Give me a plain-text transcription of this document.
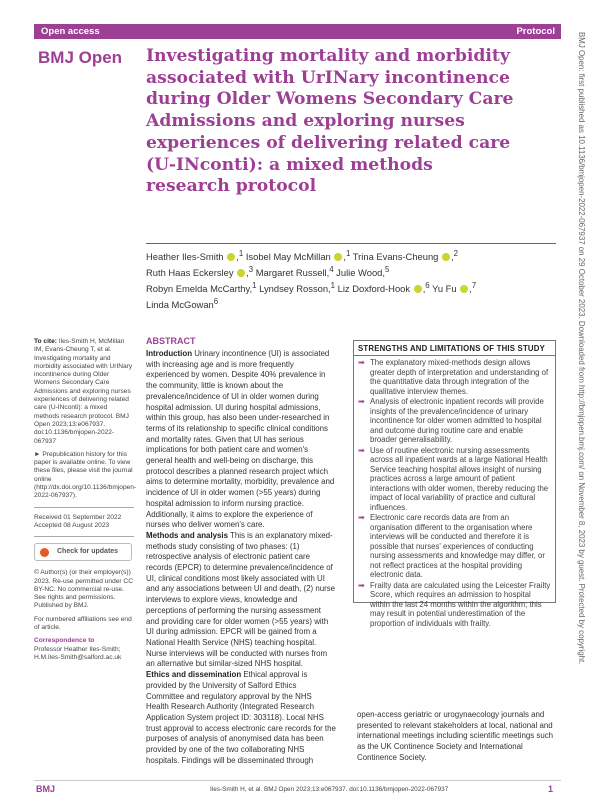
Open access	Protocol
BMJ Open Investigating mortality and morbidity
associated with UrINary incontinence
during Older Womens Secondary Care
Admissions and exploring nurses
experiences of delivering related care
(U-INconti): a mixed methods
research protocol
Heather Iles-Smith ,$^1$ Isobel May McMillan ,$^1$ Trina Evans-Cheung ,$^2$
Ruth Haas Eckersley ,$^3$ Margaret Russell,$^4$ Julie Wood,$^5$
Robyn Emelda McCarthy,$^1$ Lyndsey Rosson,$^1$ Liz Doxford-Hook ,$^6$ Yu Fu ,$^7$
Linda McGowan$^6$

To cite: Iles-Smith H, McMillan IM, Evans-Cheung T, et al. Investigating mortality and morbidity associated with UrINary incontinence during Older Womens Secondary Care Admissions and exploring nurses experiences of delivering related care (U-INconti): a mixed methods research protocol. BMJ Open 2023;13:e067937. doi:10.1136/bmjopen-2022-067937

► Prepublication history for this paper is available online. To view these files, please visit the journal online (http://dx.doi.org/10.1136/bmjopen-2022-067937).

Received 01 September 2022
Accepted 08 August 2023

Check for updates

© Author(s) (or their employer(s)) 2023. Re-use permitted under CC BY-NC. No commercial re-use. See rights and permissions. Published by BMJ.

For numbered affiliations see end of article.

Correspondence to
Professor Heather Iles-Smith; H.M.Iles-Smith@salford.ac.uk

ABSTRACT
Introduction Urinary incontinence (UI) is associated with increasing age and is more frequently experienced by women. Despite 40% prevalence in the community, little is known about the prevalence/incidence of UI in older women during hospital admission. UI during hospital admissions, within this group, has also been under-researched in terms of its relationship to specific clinical conditions and mortality rates. Given that UI has serious implications for both patient care and women's general health and well-being on discharge, this protocol describes a planned research project which aims to determine mortality, morbidity, prevalence and incidence of UI in older women (>55 years) during hospital admission to inform nursing practice. Additionally, it aims to explore the experience of nurses who deliver women's care.
Methods and analysis This is an explanatory mixed-methods study consisting of two phases: (1) retrospective analysis of electronic patient care records (EPCR) to determine prevalence/incidence of UI, clinical conditions most likely associated with UI and any associations between UI and death, (2) nurse interviews to explore views, knowledge and perceptions of performing the nursing assessment and providing care for older women (>55 years) with UI during admission. EPCR will be gained from a National Health Service (NHS) teaching hospital. Nurse interviews will be conducted with nurses from an alternative but similar-sized NHS hospital.
Ethics and dissemination Ethical approval is provided by the University of Salford Ethics Committee and regulatory approval by the NHS Health Research Authority (Integrated Research Application System project ID: 303118). Local NHS trust approval to access electronic care records for the purposes of analysis of anonymised data has been provided by one of the two collaborating NHS hospitals. Findings will be disseminated through
STRENGTHS AND LIMITATIONS OF THIS STUDY
➡ The explanatory mixed-methods design allows greater depth of interpretation and understanding of the quantitative data through integration of the qualitative interview themes.
➡ Analysis of electronic inpatient records will provide insights of the prevalence/incidence of urinary incontinence for older women admitted to hospital and outcome during routine care and enable broader generalisability.
➡ Use of routine electronic nursing assessments across all inpatient wards at a large National Health Service teaching hospital allows insight of nursing practices across a large amount of patient interactions with older women, thereby reducing the impact of local variability of practice and cultural influences.
➡ Electronic care records data are from an organisation different to the organisation where interviews will be conducted and therefore it is possible that nurses' experiences of conducting nursing assessments and knowledge may differ, or not reflect practices at the hospital providing electronic data.
➡ Frailty data are calculated using the Leicester Frailty Score, which requires an admission to hospital within the last 24 months within the algorithm; this may result in potential underestimation of the proportion of individuals with frailty.
open-access geriatric or urogynaecology journals and presented to relevant stakeholders at local, national and international meetings including scientific meetings such as the UK Continence Society and International Continence Society.
BMJ	Iles-Smith H, et al. BMJ Open 2023;13:e067937. doi:10.1136/bmjopen-2022-067937	1
BMJ Open: first published as 10.1136/bmjopen-2022-067937 on 29 October 2023. Downloaded from http://bmjopen.bmj.com/ on November 8, 2023 by guest. Protected by copyright.
